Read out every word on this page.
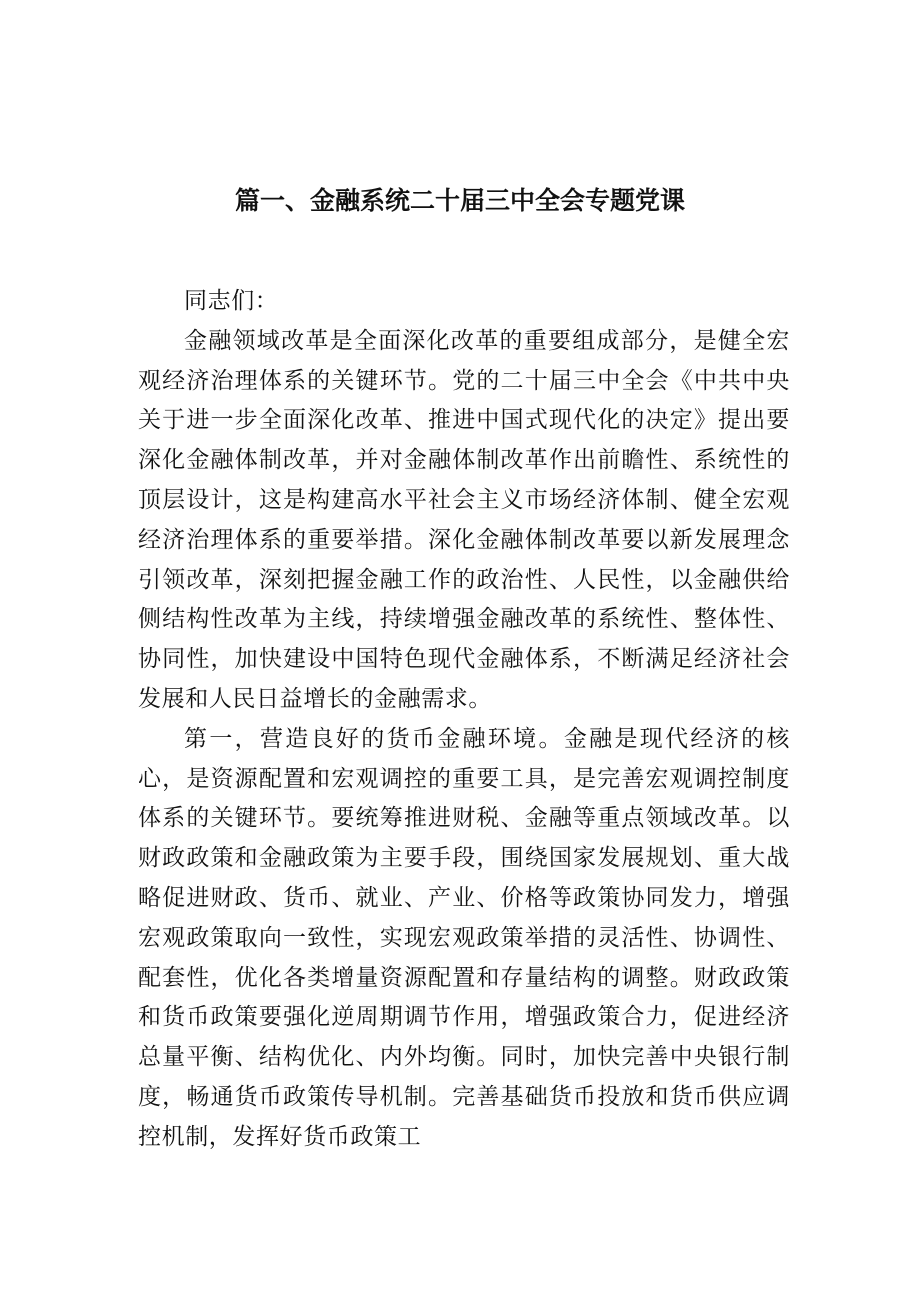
篇一、金融系统二十届三中全会专题党课

同志们：

金融领域改革是全面深化改革的重要组成部分，是健全宏观经济治理体系的关键环节。党的二十届三中全会《中共中央关于进一步全面深化改革、推进中国式现代化的决定》提出要深化金融体制改革，并对金融体制改革作出前瞻性、系统性的顶层设计，这是构建高水平社会主义市场经济体制、健全宏观经济治理体系的重要举措。深化金融体制改革要以新发展理念引领改革，深刻把握金融工作的政治性、人民性，以金融供给侧结构性改革为主线，持续增强金融改革的系统性、整体性、协同性，加快建设中国特色现代金融体系，不断满足经济社会发展和人民日益增长的金融需求。

第一，营造良好的货币金融环境。金融是现代经济的核心，是资源配置和宏观调控的重要工具，是完善宏观调控制度体系的关键环节。要统筹推进财税、金融等重点领域改革。以财政政策和金融政策为主要手段，围绕国家发展规划、重大战略促进财政、货币、就业、产业、价格等政策协同发力，增强宏观政策取向一致性，实现宏观政策举措的灵活性、协调性、配套性，优化各类增量资源配置和存量结构的调整。财政政策和货币政策要强化逆周期调节作用，增强政策合力，促进经济总量平衡、结构优化、内外均衡。同时，加快完善中央银行制度，畅通货币政策传导机制。完善基础货币投放和货币供应调控机制，发挥好货币政策工
